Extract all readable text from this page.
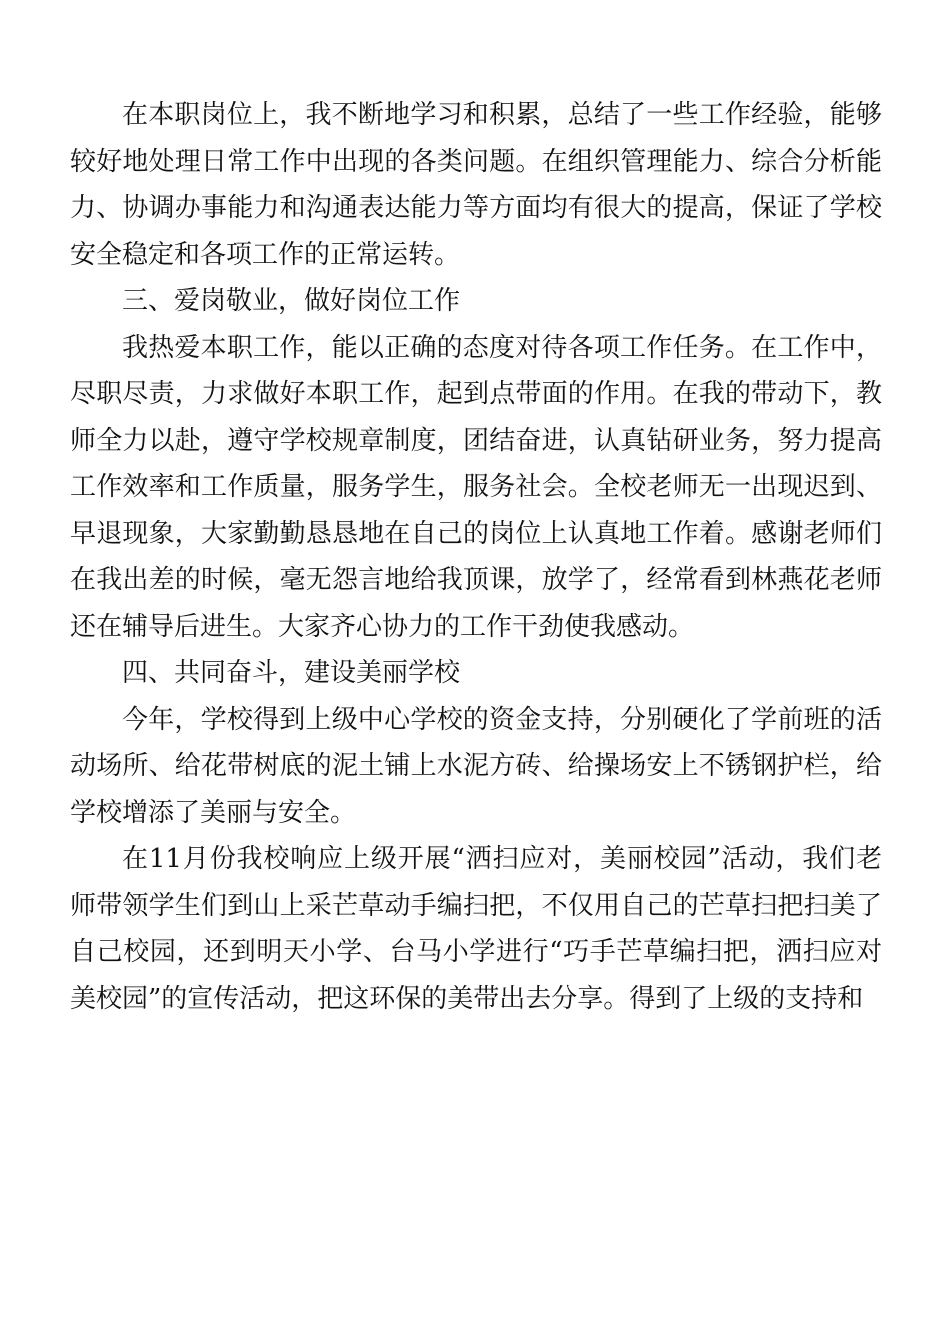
在本职岗位上，我不断地学习和积累，总结了一些工作经验，能够较好地处理日常工作中出现的各类问题。在组织管理能力、综合分析能力、协调办事能力和沟通表达能力等方面均有很大的提高，保证了学校安全稳定和各项工作的正常运转。

三、爱岗敬业，做好岗位工作

我热爱本职工作，能以正确的态度对待各项工作任务。在工作中，尽职尽责，力求做好本职工作，起到点带面的作用。在我的带动下，教师全力以赴，遵守学校规章制度，团结奋进，认真钻研业务，努力提高工作效率和工作质量，服务学生，服务社会。全校老师无一出现迟到、早退现象，大家勤勤恳恳地在自己的岗位上认真地工作着。感谢老师们在我出差的时候，毫无怨言地给我顶课，放学了，经常看到林燕花老师还在辅导后进生。大家齐心协力的工作干劲使我感动。

四、共同奋斗，建设美丽学校

今年，学校得到上级中心学校的资金支持，分别硬化了学前班的活动场所、给花带树底的泥土铺上水泥方砖、给操场安上不锈钢护栏，给学校增添了美丽与安全。

在11月份我校响应上级开展“洒扫应对，美丽校园”活动，我们老师带领学生们到山上采芒草动手编扫把，不仅用自己的芒草扫把扫美了自己校园，还到明天小学、台马小学进行“巧手芒草编扫把，洒扫应对美校园”的宣传活动，把这环保的美带出去分享。得到了上级的支持和
